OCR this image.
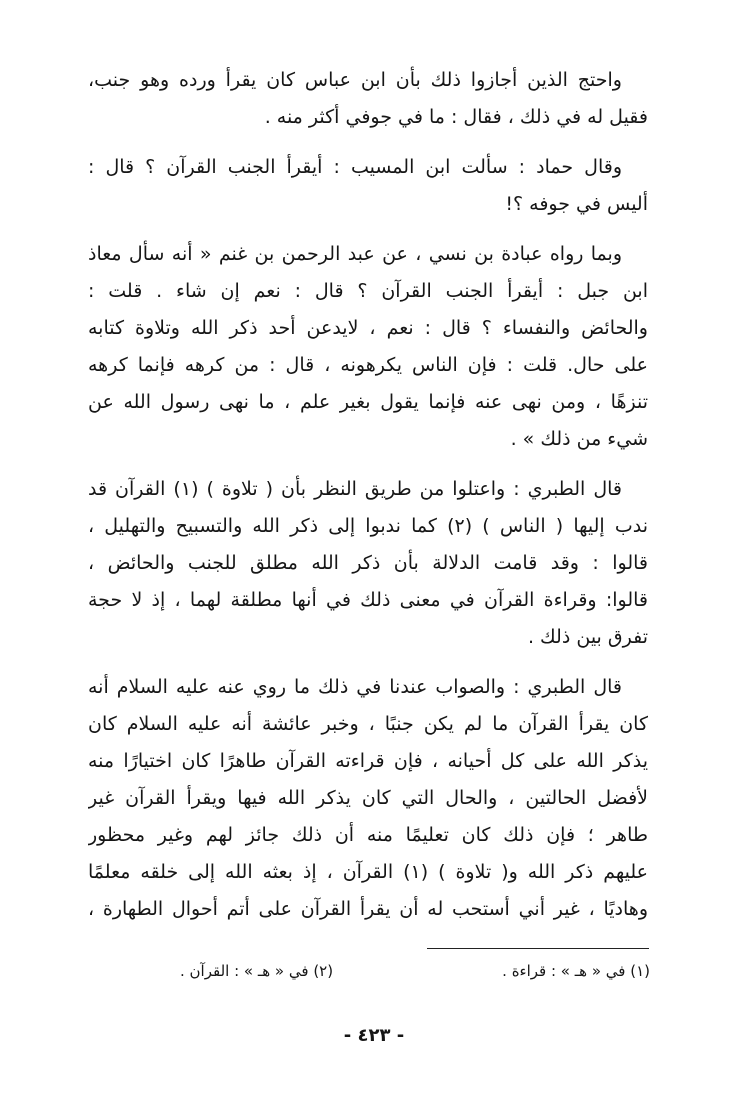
واحتج الذين أجازوا ذلك بأن ابن عباس كان يقرأ ورده وهو جنب،
فقيل له في ذلك ، فقال : ما في جوفي أكثر منه .
وقال حماد : سألت ابن المسيب : أيقرأ الجنب القرآن ؟ قال :
أليس في جوفه ؟!
وبما رواه عبادة بن نسي ، عن عبد الرحمن بن غنم « أنه سأل معاذ
ابن جبل : أيقرأ الجنب القرآن ؟ قال : نعم إن شاء . قلت :
والحائض والنفساء ؟ قال : نعم ، لايدعن أحد ذكر الله وتلاوة كتابه
على حال. قلت : فإن الناس يكرهونه ، قال : من كرهه فإنما كرهه
تنزهًا ، ومن نهى عنه فإنما يقول بغير علم ، ما نهى رسول الله عن
شيء من ذلك » .
قال الطبري : واعتلوا من طريق النظر بأن ( تلاوة ) (١) القرآن قد
ندب إليها ( الناس ) (٢) كما ندبوا إلى ذكر الله والتسبيح والتهليل ،
قالوا : وقد قامت الدلالة بأن ذكر الله مطلق للجنب والحائض ،
قالوا: وقراءة القرآن في معنى ذلك في أنها مطلقة لهما ، إذ لا حجة
تفرق بين ذلك .
قال الطبري : والصواب عندنا في ذلك ما روي عنه عليه السلام أنه
كان يقرأ القرآن ما لم يكن جنبًا ، وخبر عائشة أنه عليه السلام كان
يذكر الله على كل أحيانه ، فإن قراءته القرآن طاهرًا كان اختيارًا منه
لأفضل الحالتين ، والحال التي كان يذكر الله فيها ويقرأ القرآن غير
طاهر ؛ فإن ذلك كان تعليمًا منه أن ذلك جائز لهم وغير محظور
عليهم ذكر الله و( تلاوة ) (١) القرآن ، إذ بعثه الله إلى خلقه معلمًا
وهاديًا ، غير أني أستحب له أن يقرأ القرآن على أتم أحوال الطهارة ،
(١) في « هـ » : قراءة .
(٢) في « هـ » : القرآن .
- ٤٢٣ -
